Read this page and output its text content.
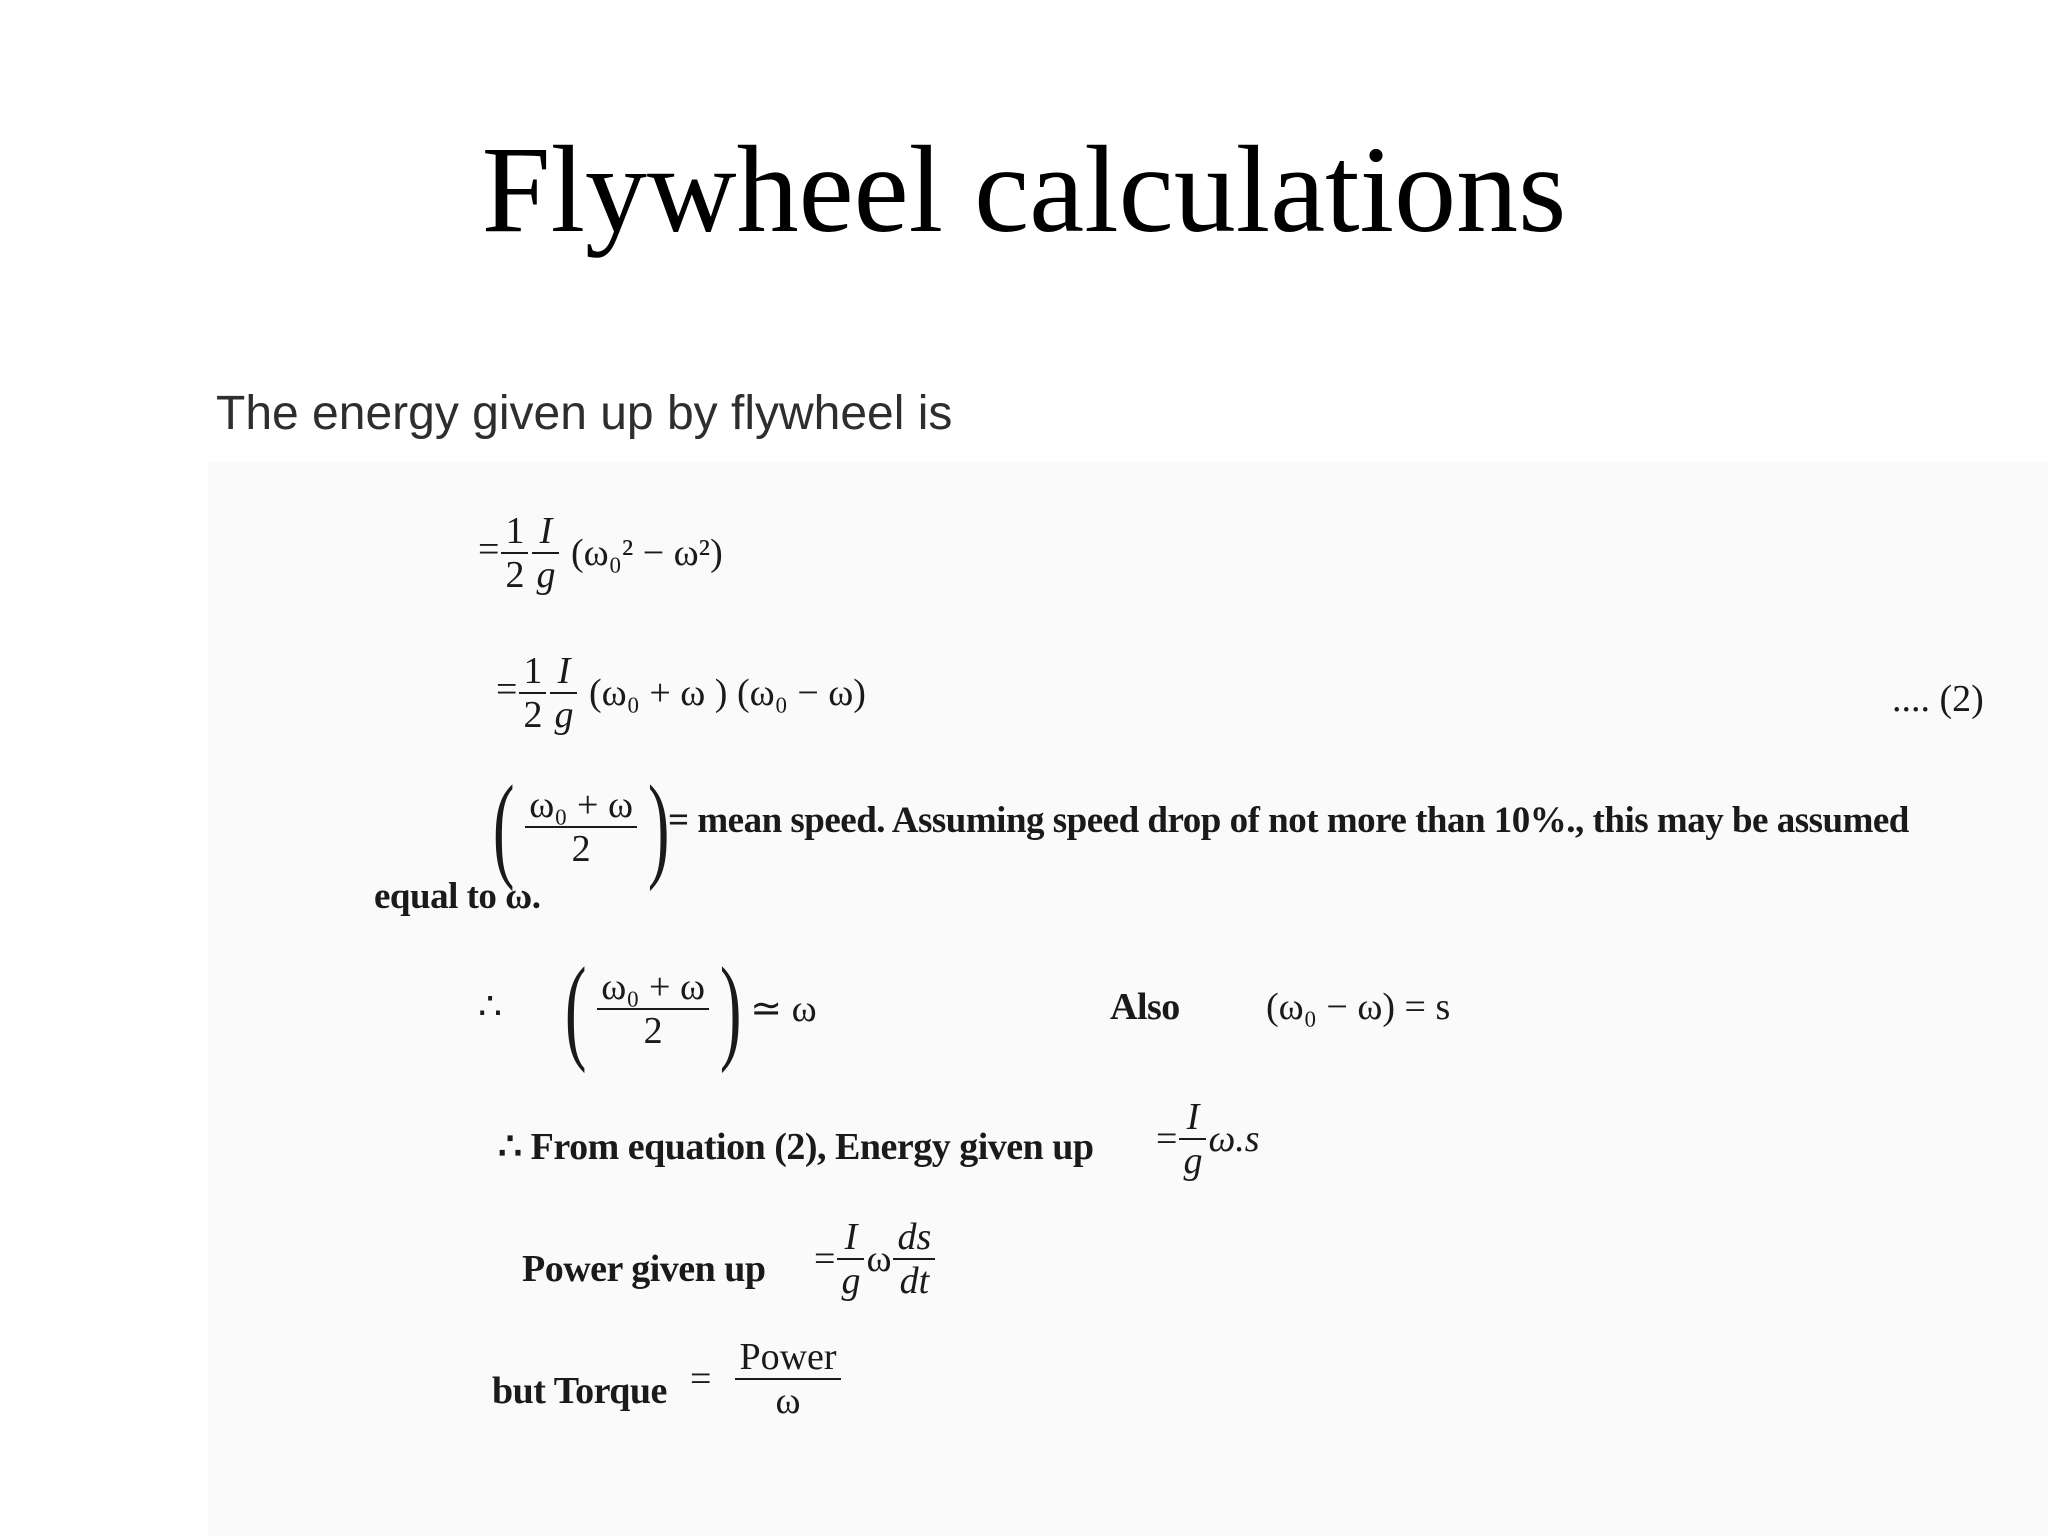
Flywheel calculations
The energy given up by flywheel is
= $\frac{1}{2} \frac{I}{g} (\omega_0^2 - \omega^2)$
= $\frac{1}{2} \frac{I}{g} (\omega_0 + \omega$ ) (ω₀ − ω)	.... (2)
( $\frac{\text{ω₀ + ω}}{2}$ )
= mean speed. Assuming speed drop of not more than 10%., this may be assumed
equal to ω.
∴ ( $\frac{\text{ω₀ + ω}}{2}$ ) ≃ ω	Also (ω₀ − ω) = s
∴ From equation (2), Energy given up = $\frac{I}{g} \omega.s$
Power given up = $\frac{I}{g}$ ω $\frac{ds}{dt}$
but Torque = $\frac{\text{Power}}{\omega}$
